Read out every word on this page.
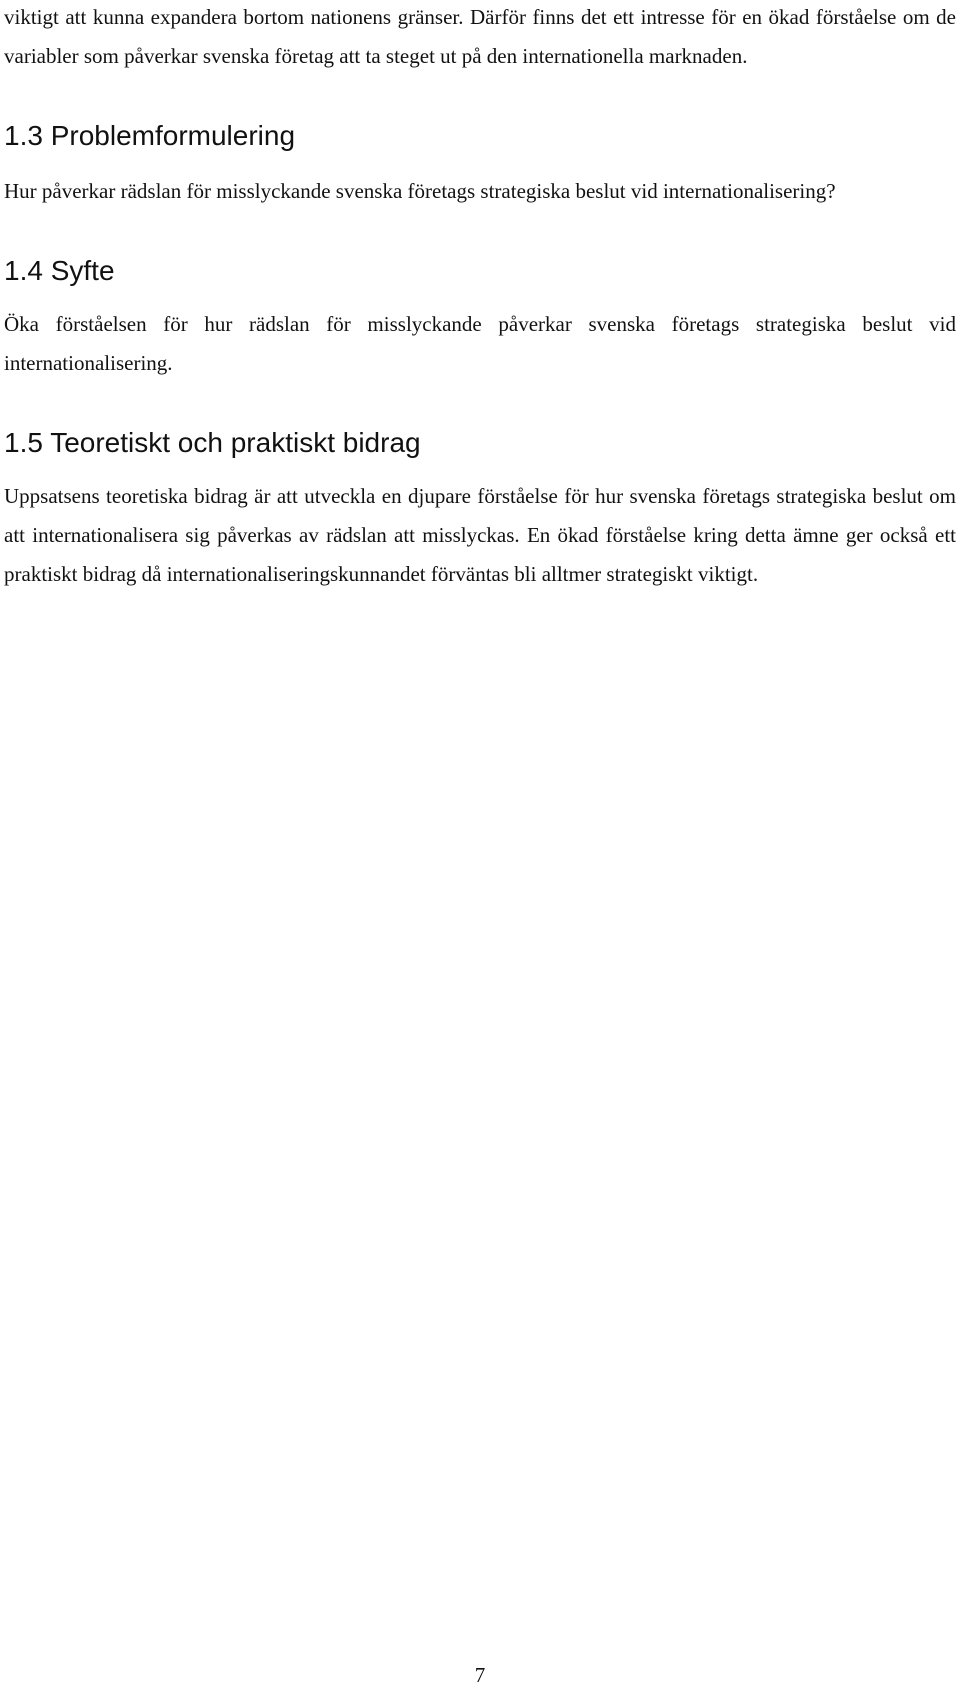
viktigt att kunna expandera bortom nationens gränser. Därför finns det ett intresse för en ökad förståelse om de variabler som påverkar svenska företag att ta steget ut på den internationella marknaden.

1.3 Problemformulering

Hur påverkar rädslan för misslyckande svenska företags strategiska beslut vid internationalisering?

1.4 Syfte

Öka förståelsen för hur rädslan för misslyckande påverkar svenska företags strategiska beslut vid internationalisering.

1.5 Teoretiskt och praktiskt bidrag

Uppsatsens teoretiska bidrag är att utveckla en djupare förståelse för hur svenska företags strategiska beslut om att internationalisera sig påverkas av rädslan att misslyckas. En ökad förståelse kring detta ämne ger också ett praktiskt bidrag då internationaliseringskunnandet förväntas bli alltmer strategiskt viktigt.

7
